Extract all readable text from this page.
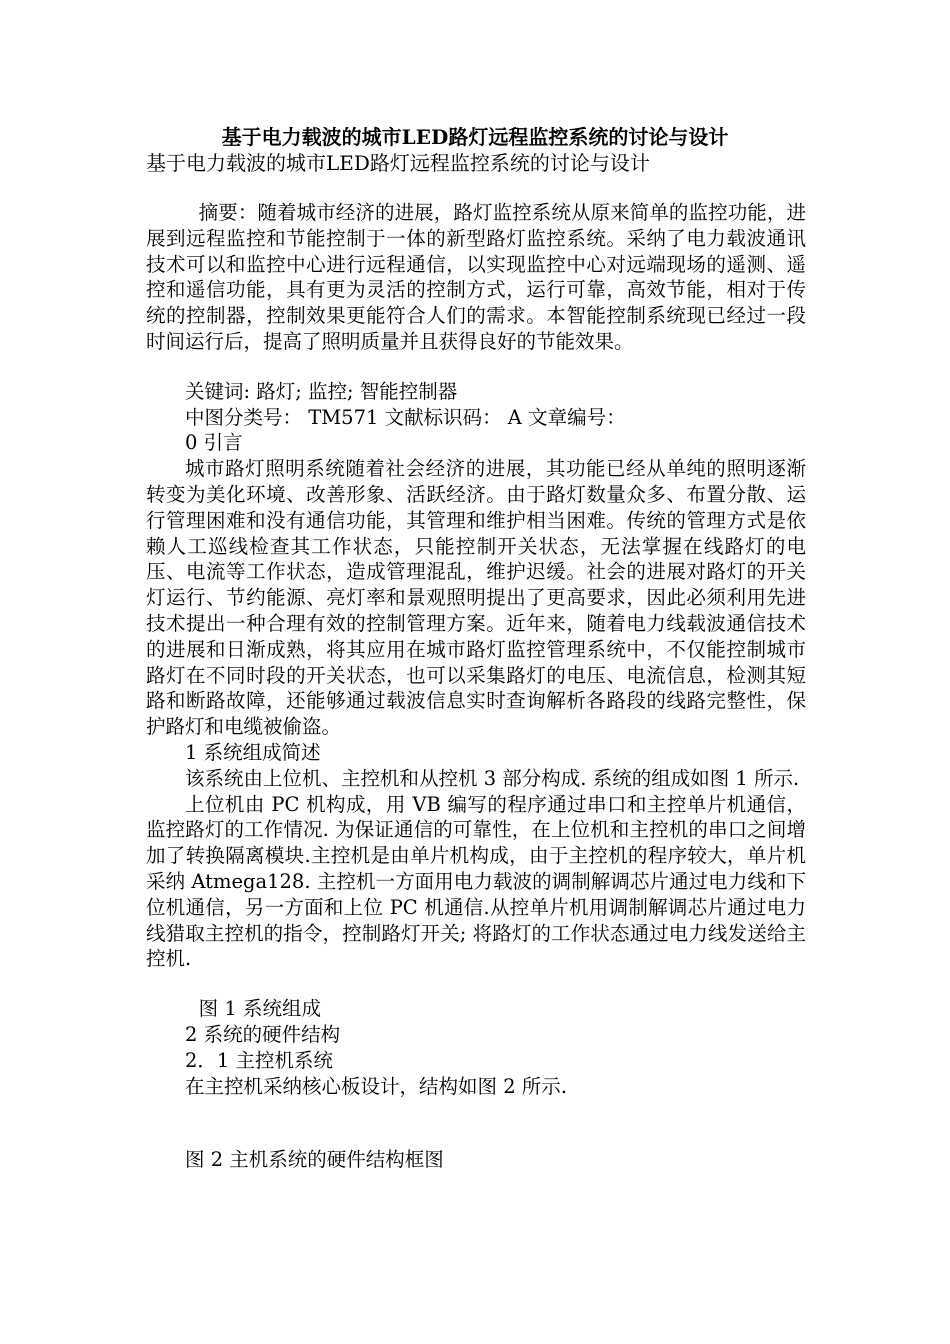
基于电力载波的城市LED路灯远程监控系统的讨论与设计
基于电力载波的城市LED路灯远程监控系统的讨论与设计

摘要：随着城市经济的进展，路灯监控系统从原来简单的监控功能，进展到远程监控和节能控制于一体的新型路灯监控系统。采纳了电力载波通讯技术可以和监控中心进行远程通信，以实现监控中心对远端现场的遥测、遥控和遥信功能，具有更为灵活的控制方式，运行可靠，高效节能，相对于传统的控制器，控制效果更能符合人们的需求。本智能控制系统现已经过一段时间运行后，提高了照明质量并且获得良好的节能效果。

关键词: 路灯; 监控; 智能控制器

中图分类号： TM571 文献标识码： A 文章编号：

0 引言

城市路灯照明系统随着社会经济的进展，其功能已经从单纯的照明逐渐转变为美化环境、改善形象、活跃经济。由于路灯数量众多、布置分散、运行管理困难和没有通信功能，其管理和维护相当困难。传统的管理方式是依赖人工巡线检查其工作状态，只能控制开关状态，无法掌握在线路灯的电压、电流等工作状态，造成管理混乱，维护迟缓。社会的进展对路灯的开关灯运行、节约能源、亮灯率和景观照明提出了更高要求，因此必须利用先进技术提出一种合理有效的控制管理方案。近年来，随着电力线载波通信技术的进展和日渐成熟，将其应用在城市路灯监控管理系统中，不仅能控制城市路灯在不同时段的开关状态，也可以采集路灯的电压、电流信息，检测其短路和断路故障，还能够通过载波信息实时查询解析各路段的线路完整性，保护路灯和电缆被偷盗。

1 系统组成简述

该系统由上位机、主控机和从控机 3 部分构成. 系统的组成如图 1 所示.

上位机由 PC 机构成，用 VB 编写的程序通过串口和主控单片机通信，监控路灯的工作情况. 为保证通信的可靠性，在上位机和主控机的串口之间增加了转换隔离模块.主控机是由单片机构成，由于主控机的程序较大，单片机采纳 Atmega128. 主控机一方面用电力载波的调制解调芯片通过电力线和下位机通信，另一方面和上位 PC 机通信.从控单片机用调制解调芯片通过电力线猎取主控机的指令，控制路灯开关; 将路灯的工作状态通过电力线发送给主控机.

图 1 系统组成

2 系统的硬件结构

2．1 主控机系统

在主控机采纳核心板设计，结构如图 2 所示.

图 2 主机系统的硬件结构框图
